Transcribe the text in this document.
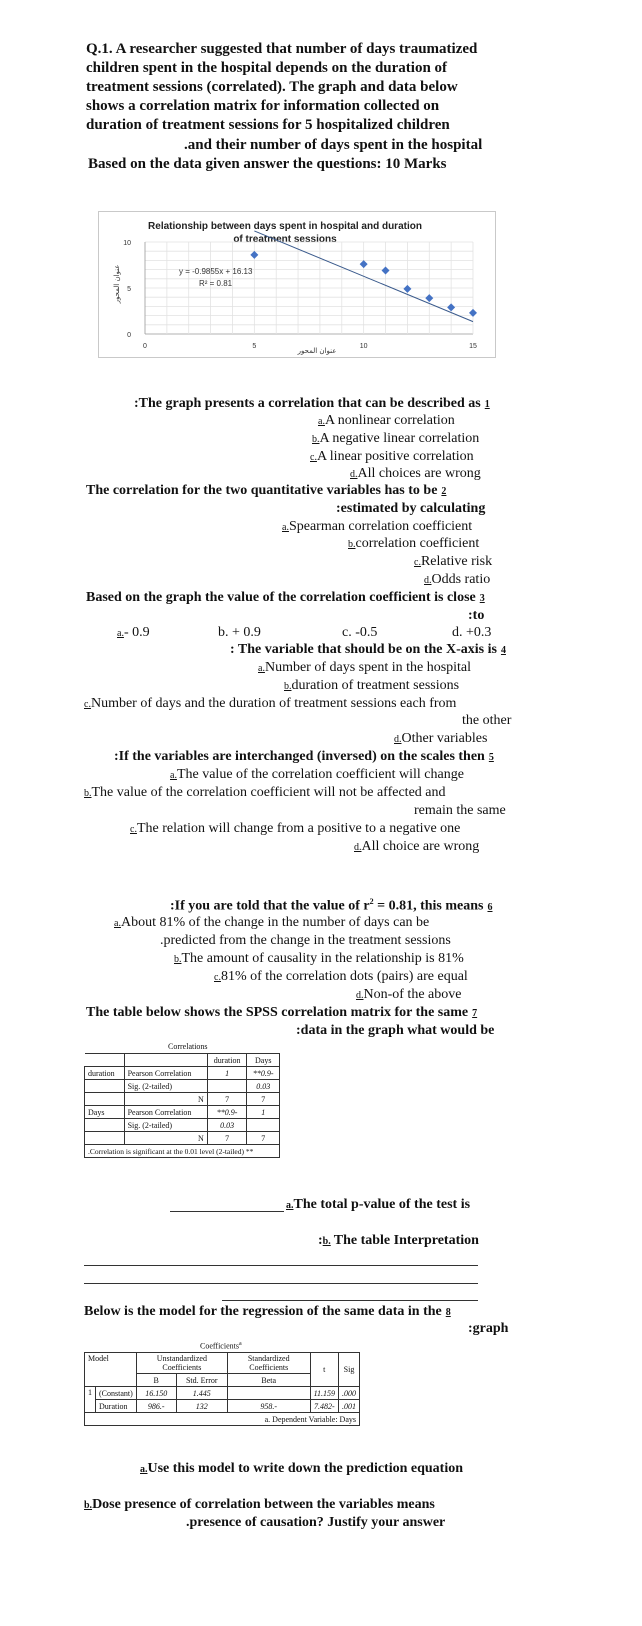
Q.1. A researcher suggested that number of days traumatized
children spent in the hospital depends on the duration of
treatment sessions (correlated). The graph and data below
shows a correlation matrix for information collected on
duration of treatment sessions for 5 hospitalized children
.and their number of days spent in the hospital
Based on the data given answer the questions: 10 Marks
Relationship between days spent in hospital and duration
of treatment sessions
0	5	10	15
0
5
10
y = -0.9855x + 16.13
R² = 0.81
عنوان المحور
عنوان المحور
:The graph presents a correlation that can be described as 1
a.A nonlinear correlation
b.A negative linear correlation
c.A linear positive correlation
d.All choices are wrong
The correlation for the two quantitative variables has to be 2
:estimated by calculating
a.Spearman correlation coefficient
b.correlation coefficient
c.Relative risk
d.Odds ratio
Based on the graph the value of the correlation coefficient is close 3
:to
a.- 0.9	b. + 0.9	c. -0.5	d. +0.3
: The variable that should be on the X-axis is 4
a.Number of days spent in the hospital
b.duration of treatment sessions
c.Number of days and the duration of treatment sessions each from
the other
d.Other variables
:If the variables are interchanged (inversed) on the scales then 5
a.The value of the correlation coefficient will change
b.The value of the correlation coefficient will not be affected and
remain the same
c.The relation will change from a positive to a negative one
d.All choice are wrong
:If you are told that the value of $r^2 = 0.81$, this means 6
a.About 81% of the change in the number of days can be
.predicted from the change in the treatment sessions
b.The amount of causality in the relationship is 81%
c.81% of the correlation dots (pairs) are equal
d.Non-of the above
The table below shows the SPSS correlation matrix for the same 7
:data in the graph what would be
Correlations
		duration	Days
duration	Pearson Correlation	1	**0.9-
	Sig. (2-tailed)		0.03
	N	7	7
Days	Pearson Correlation	**0.9-	1
	Sig. (2-tailed)	0.03	
	N	7	7
.Correlation is significant at the 0.01 level (2-tailed) **			
a.The total p-value of the test is
:b. The table Interpretation
Below is the model for the regression of the same data in the 8
:graph
Coefficients$^a$
Model		Unstandardized Coefficients		Standardized Coefficients	t	Sig
		B	Std. Error	Beta		
1	(Constant)	16.150	1.445		11.159	.000
	Duration	986.-	132	958.-	7.482-	.001
a. Dependent Variable: Days						
a.Use this model to write down the prediction equation
b.Dose presence of correlation between the variables means
.presence of causation? Justify your answer
